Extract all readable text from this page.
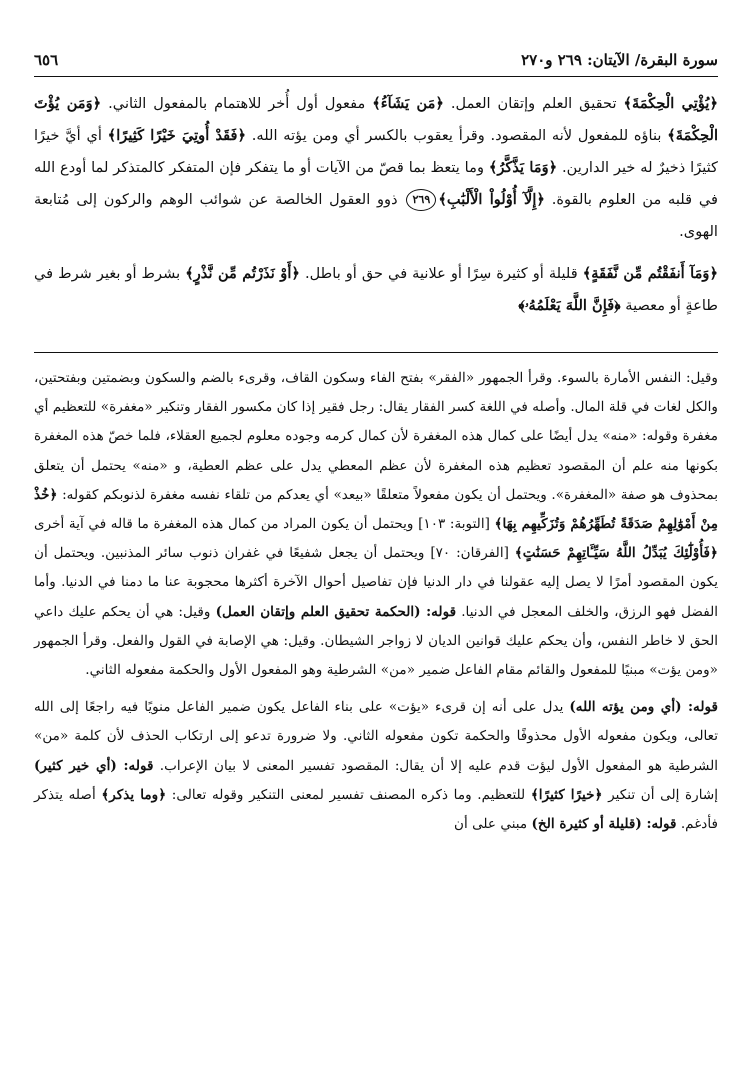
سورة البقرة/ الآيتان: ٢٦٩ و٢٧٠
٦٥٦

﴿يُؤْتِي الْحِكْمَةَ﴾ تحقيق العلم وإتقان العمل. ﴿مَن يَشَآءُ﴾ مفعول أول أُخر للاهتمام بالمفعول الثاني. ﴿وَمَن يُؤْتَ الْحِكْمَةَ﴾ بناؤه للمفعول لأنه المقصود. وقرأ يعقوب بالكسر أي ومن يؤته الله. ﴿فَقَدْ أُوتِيَ خَيْرًا كَثِيرًا﴾ أي أيَّ خيرًا كثيرًا ذخيرٌ له خير الدارين. ﴿وَمَا يَذَّكَّرُ﴾ وما يتعظ بما قصّ من الآيات أو ما يتفكر فإن المتفكر كالمتذكر لما أودع الله في قلبه من العلوم بالقوة. ﴿إِلَّآ أُوْلُواْ الْأَلْبَٰبِ﴾٢٦٩ ذوو العقول الخالصة عن شوائب الوهم والركون إلى مُتابعة الهوى.

﴿وَمَآ أَنفَقْتُم مِّن نَّفَقَةٍ﴾ قليلة أو كثيرة سِرًا أو علانية في حق أو باطل. ﴿أَوْ نَذَرْتُم مِّن نَّذْرٍ﴾ بشرط أو بغير شرط في طاعةٍ أو معصية ﴿فَإِنَّ اللَّهَ يَعْلَمُهُۥ﴾

وقيل: النفس الأمارة بالسوء. وقرأ الجمهور «الفقر» بفتح الفاء وسكون القاف، وقرىء بالضم والسكون وبضمتين وبفتحتين، والكل لغات في قلة المال. وأصله في اللغة كسر الفقار يقال: رجل فقير إذا كان مكسور الفقار وتنكير «مغفرة» للتعظيم أي مغفرة وقوله: «منه» يدل أيضًا على كمال هذه المغفرة لأن كمال كرمه وجوده معلوم لجميع العقلاء، فلما خصّ هذه المغفرة بكونها منه علم أن المقصود تعظيم هذه المغفرة لأن عظم المعطي يدل على عظم العطية، و «منه» يحتمل أن يتعلق بمحذوف هو صفة «المغفرة». ويحتمل أن يكون مفعولاً متعلقًا «بيعد» أي يعدكم من تلقاء نفسه مغفرة لذنوبكم كقوله: ﴿خُذْ مِنْ أَمْوَٰلِهِمْ صَدَقَةً تُطَهِّرُهُمْ وَتُزَكِّيهِم بِهَا﴾ [التوبة: ١٠٣] ويحتمل أن يكون المراد من كمال هذه المغفرة ما قاله في آية أخرى ﴿فَأُوْلَٰٓئِكَ يُبَدِّلُ اللَّهُ سَيِّـَٔاتِهِمْ حَسَنَٰتٍ﴾ [الفرقان: ٧٠] ويحتمل أن يجعل شفيعًا في غفران ذنوب سائر المذنبين. ويحتمل أن يكون المقصود أمرًا لا يصل إليه عقولنا في دار الدنيا فإن تفاصيل أحوال الآخرة أكثرها محجوبة عنا ما دمنا في الدنيا. وأما الفضل فهو الرزق، والخلف المعجل في الدنيا. قوله: (الحكمة تحقيق العلم وإتقان العمل) وقيل: هي أن يحكم عليك داعي الحق لا خاطر النفس، وأن يحكم عليك قوانين الديان لا زواجر الشيطان. وقيل: هي الإصابة في القول والفعل. وقرأ الجمهور «ومن يؤت» مبنيًا للمفعول والقائم مقام الفاعل ضمير «من» الشرطية وهو المفعول الأول والحكمة مفعوله الثاني.

قوله: (أي ومن يؤته الله) يدل على أنه إن قرىء «يؤت» على بناء الفاعل يكون ضمير الفاعل منويًا فيه راجعًا إلى الله تعالى، ويكون مفعوله الأول محذوفًا والحكمة تكون مفعوله الثاني. ولا ضرورة تدعو إلى ارتكاب الحذف لأن كلمة «من» الشرطية هو المفعول الأول ليؤت قدم عليه إلا أن يقال: المقصود تفسير المعنى لا بيان الإعراب. قوله: (أي خير كثير) إشارة إلى أن تنكير ﴿خيرًا كثيرًا﴾ للتعظيم. وما ذكره المصنف تفسير لمعنى التنكير وقوله تعالى: ﴿وما يذكر﴾ أصله يتذكر فأدغم. قوله: (قليلة أو كثيرة الخ) مبني على أن
